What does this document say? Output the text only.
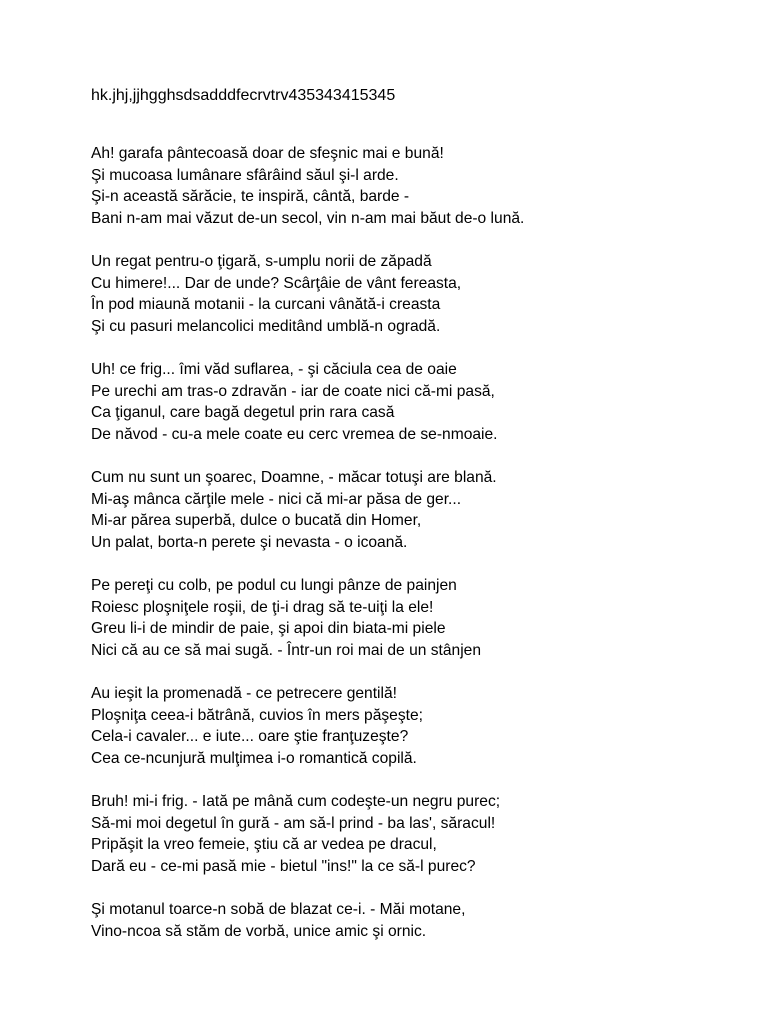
hk.jhj,jjhgghsdsadddfecrvtrv435343415345
Ah! garafa pântecoasă doar de sfeşnic mai e bună!
Şi mucoasa lumânare sfârâind săul şi-l arde.
Şi-n această sărăcie, te inspiră, cântă, barde -
Bani n-am mai văzut de-un secol, vin n-am mai băut de-o lună.
Un regat pentru-o ţigară, s-umplu norii de zăpadă
Cu himere!... Dar de unde? Scârţâie de vânt fereasta,
În pod miaună motanii - la curcani vânătă-i creasta
Şi cu pasuri melancolici meditând umblă-n ogradă.
Uh! ce frig... îmi văd suflarea, - şi căciula cea de oaie
Pe urechi am tras-o zdravăn - iar de coate nici că-mi pasă,
Ca ţiganul, care bagă degetul prin rara casă
De năvod - cu-a mele coate eu cerc vremea de se-nmoaie.
Cum nu sunt un şoarec, Doamne, - măcar totuşi are blană.
Mi-aş mânca cărţile mele - nici că mi-ar păsa de ger...
Mi-ar părea superbă, dulce o bucată din Homer,
Un palat, borta-n perete şi nevasta - o icoană.
Pe pereţi cu colb, pe podul cu lungi pânze de painjen
Roiesc ploşniţele roşii, de ţi-i drag să te-uiţi la ele!
Greu li-i de mindir de paie, şi apoi din biata-mi piele
Nici că au ce să mai sugă. - Într-un roi mai de un stânjen
Au ieşit la promenadă - ce petrecere gentilă!
Ploşniţa ceea-i bătrână, cuvios în mers păşeşte;
Cela-i cavaler... e iute... oare ştie franţuzeşte?
Cea ce-ncunjură mulţimea i-o romantică copilă.
Bruh! mi-i frig. - Iată pe mână cum codeşte-un negru purec;
Să-mi moi degetul în gură - am să-l prind - ba las', săracul!
Pripăşit la vreo femeie, ştiu că ar vedea pe dracul,
Dară eu - ce-mi pasă mie - bietul "ins!" la ce să-l purec?
Şi motanul toarce-n sobă de blazat ce-i. - Măi motane,
Vino-ncoa să stăm de vorbă, unice amic şi ornic.
